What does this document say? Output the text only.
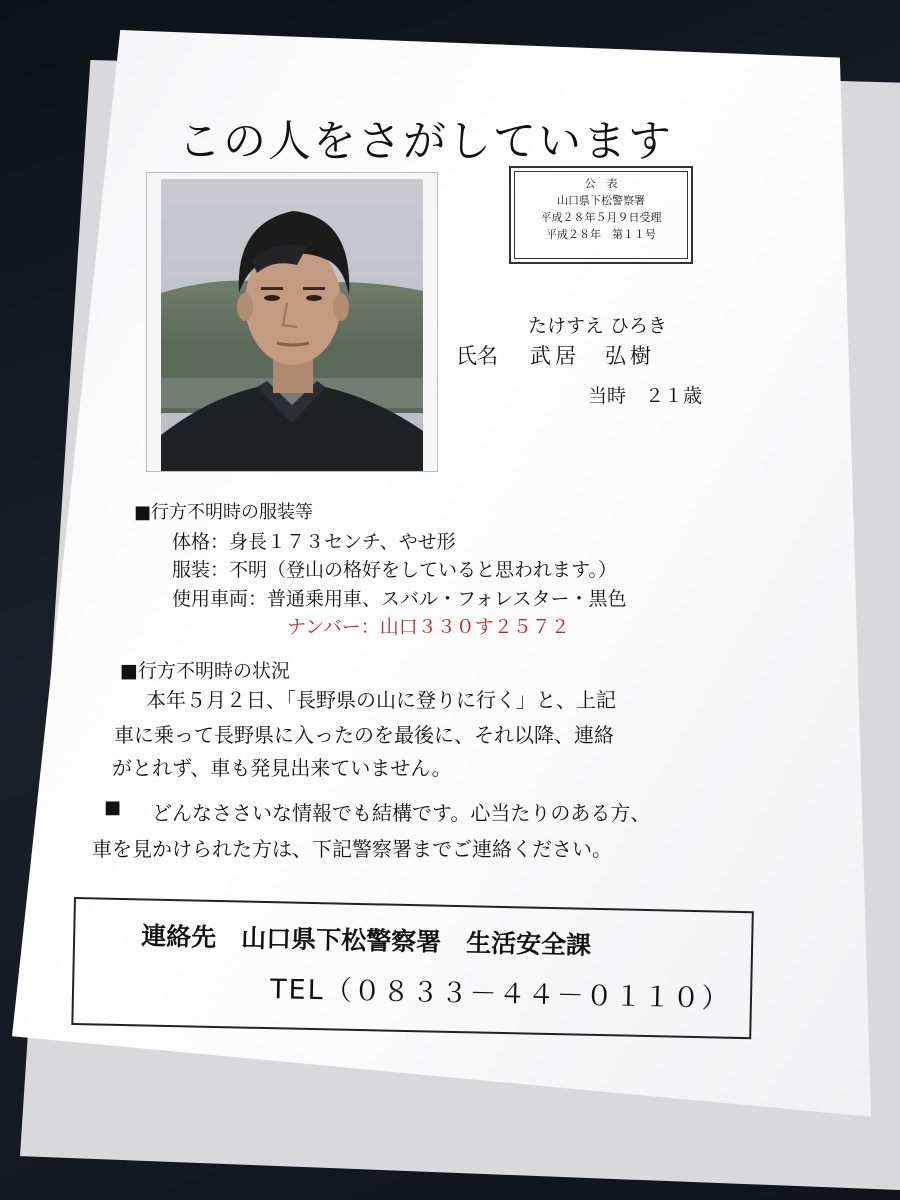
この人をさがしています
公　表
山口県下松警察署
平成２８年５月９日受理
平成２８年　第１１号
たけすえ ひろき
氏名 武居　弘樹
当時　２１歳
■行方不明時の服装等
体格：身長１７３センチ、やせ形
服装：不明（登山の格好をしていると思われます。）
使用車両：普通乗用車、スバル・フォレスター・黒色
ナンバー：山口３３０す２５７２
■行方不明時の状況
本年５月２日、「長野県の山に登りに行く」と、上記
車に乗って長野県に入ったのを最後に、それ以降、連絡
がとれず、車も発見出来ていません。
■ どんなささいな情報でも結構です。心当たりのある方、
車を見かけられた方は、下記警察署までご連絡ください。
連絡先　山口県下松警察署　生活安全課
TEL（０８３３－４４－０１１０）
